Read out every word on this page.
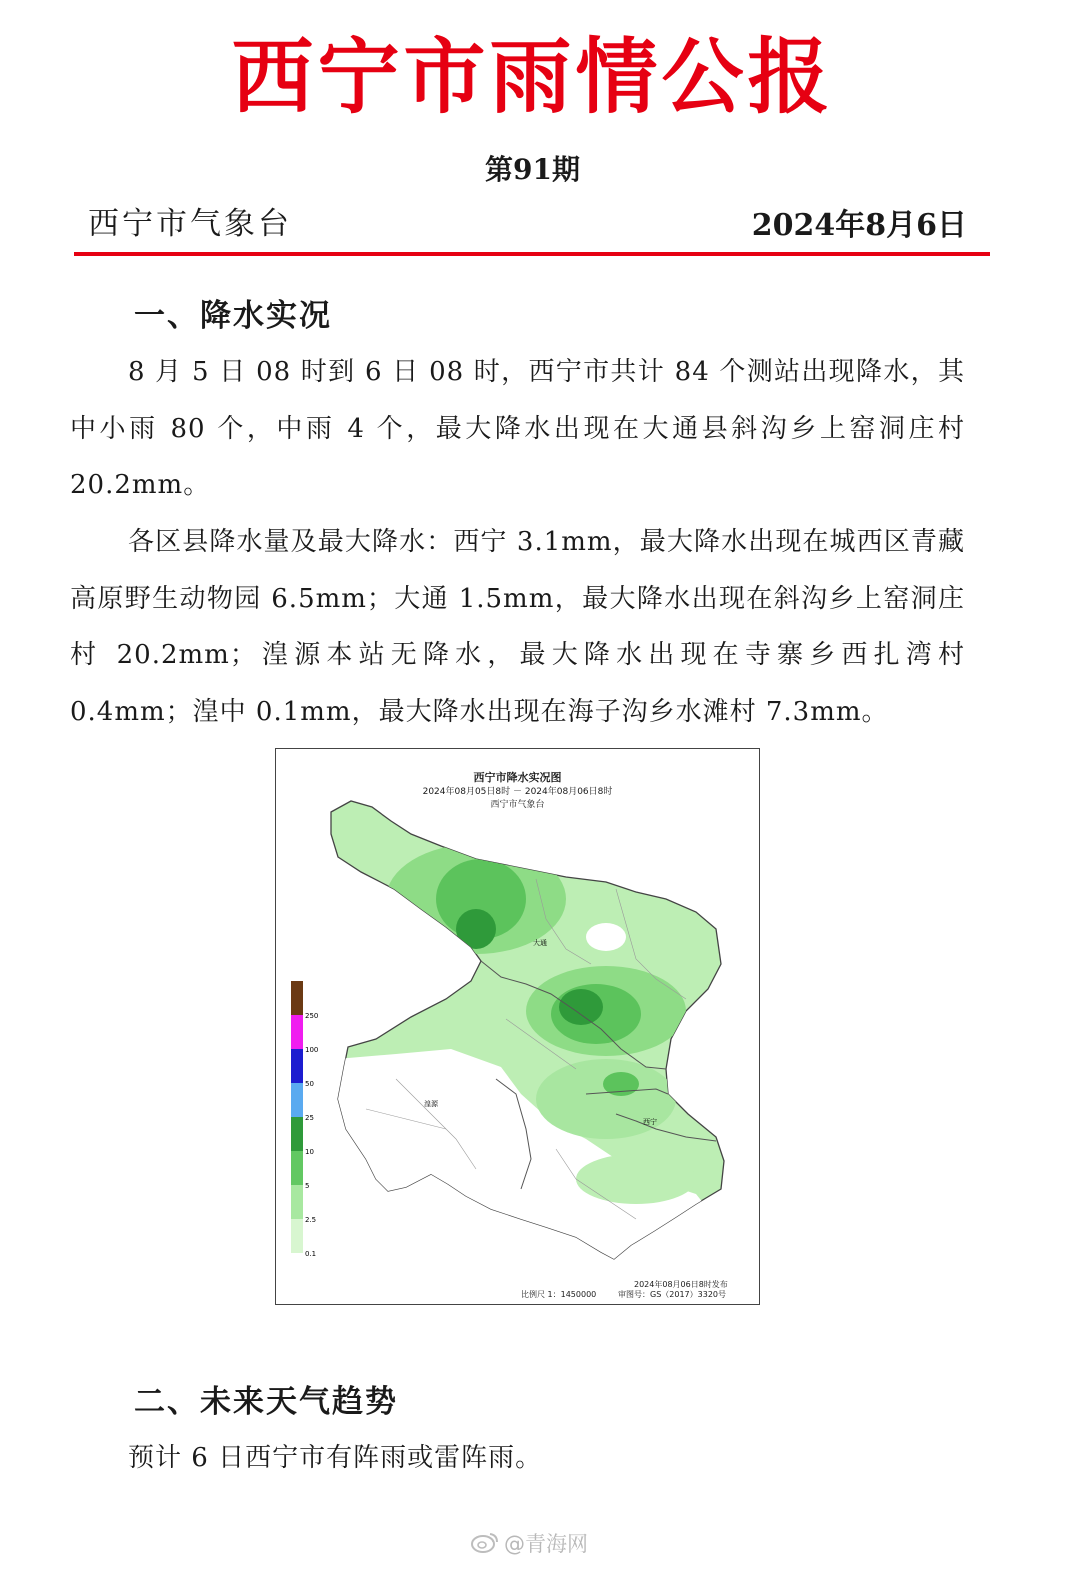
西宁市雨情公报
第91期
西宁市气象台	2024年8月6日
一、降水实况
8 月 5 日 08 时到 6 日 08 时，西宁市共计 84 个测站出现降水，其中小雨 80 个，中雨 4 个，最大降水出现在大通县斜沟乡上窑洞庄村 20.2mm。
各区县降水量及最大降水：西宁 3.1mm，最大降水出现在城西区青藏高原野生动物园 6.5mm；大通 1.5mm，最大降水出现在斜沟乡上窑洞庄村 20.2mm；湟源本站无降水，最大降水出现在寺寨乡西扎湾村 0.4mm；湟中 0.1mm，最大降水出现在海子沟乡水滩村 7.3mm。
250
100
50
25
10
5
2.5
0.1
大通
湟源
西宁
西宁市降水实况图
2024年08月05日8时 － 2024年08月06日8时
西宁市气象台
2024年08月06日8时发布
比例尺 1：1450000	审图号：GS（2017）3320号
二、未来天气趋势
预计 6 日西宁市有阵雨或雷阵雨。
@青海网
